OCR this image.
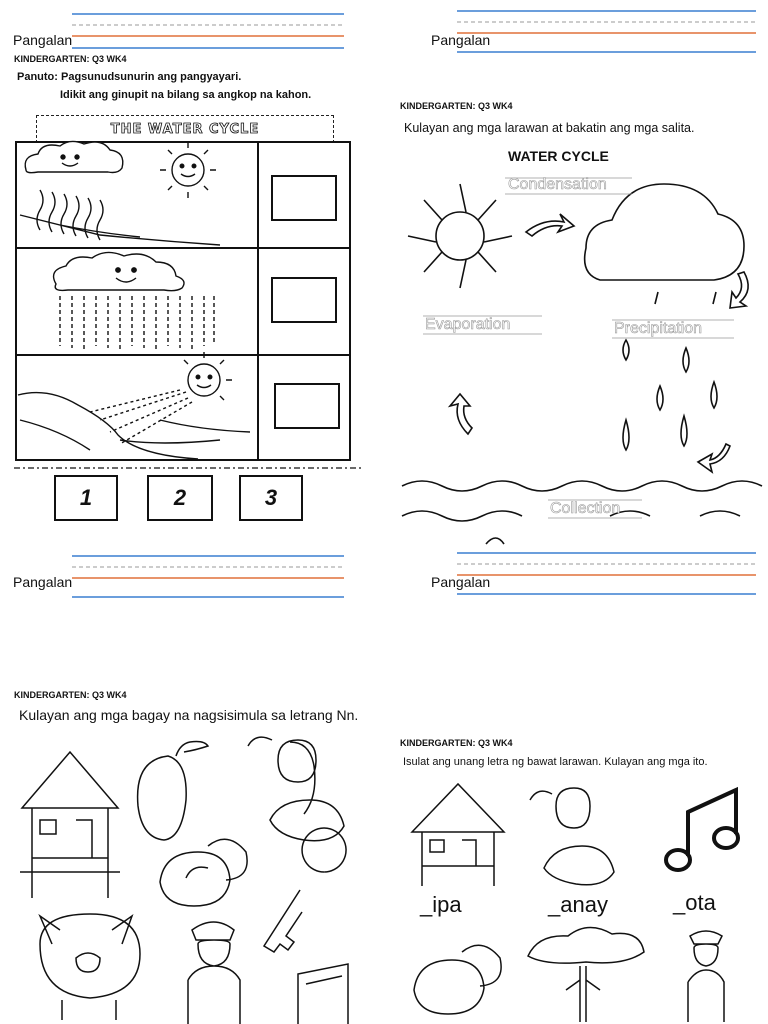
Pangalan
KINDERGARTEN: Q3 WK4
Panuto: Pagsunudsunurin ang pangyayari.
Idikit ang ginupit na bilang sa angkop na kahon.
THE WATER CYCLE
1	2	3
Pangalan
KINDERGARTEN: Q3 WK4
Kulayan ang mga larawan at bakatin ang mga salita.
WATER CYCLE
Condensation
Evaporation	Precipitation
Collection
Pangalan
KINDERGARTEN: Q3 WK4
Kulayan ang mga bagay na nagsisimula sa letrang Nn.
Pangalan
KINDERGARTEN: Q3 WK4
Isulat ang unang letra ng bawat larawan. Kulayan ang mga ito.
_ipa	_anay	_ota
